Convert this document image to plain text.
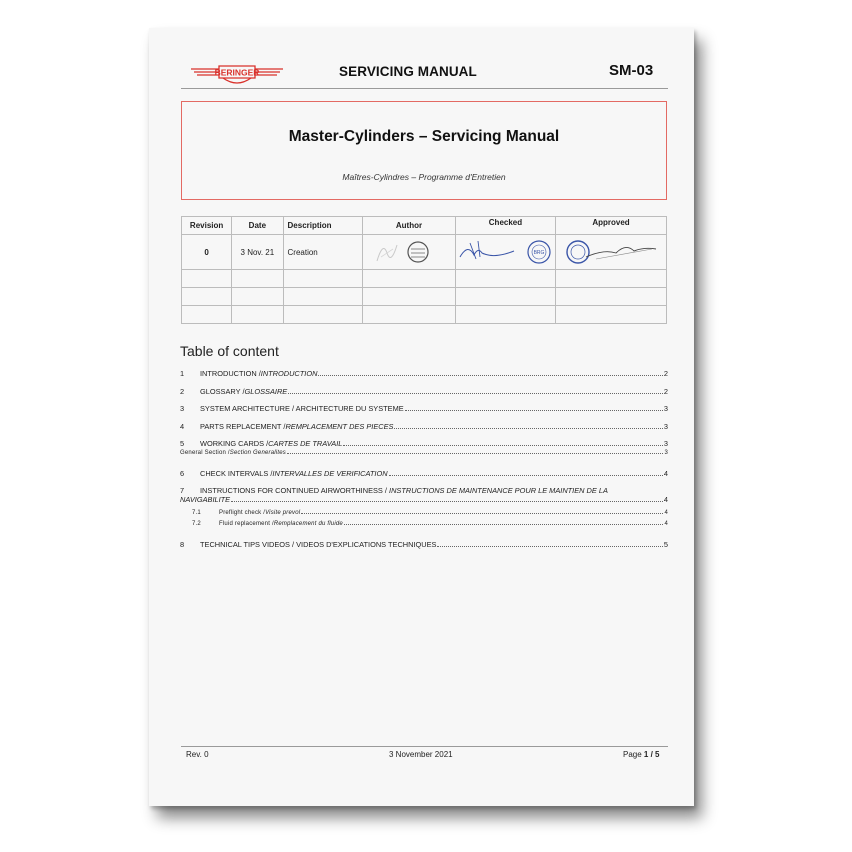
BERINGER	SERVICING MANUAL	SM-03
Master-Cylinders – Servicing Manual
Maîtres-Cylindres – Programme d'Entretien
Revision	Date	Description	Author	Checked	Approved
0	3 Nov. 21	Creation		BRG

Table of content
1	INTRODUCTION / INTRODUCTION	2
2	GLOSSARY / GLOSSAIRE	2
3	SYSTEM ARCHITECTURE / ARCHITECTURE DU SYSTEME	3
4	PARTS REPLACEMENT / REMPLACEMENT DES PIECES	3
5	WORKING CARDS / CARTES DE TRAVAIL	3
General Section / Section Generalites	3
6	CHECK INTERVALS / INTERVALLES DE VERIFICATION	4
7	INSTRUCTIONS FOR CONTINUED AIRWORTHINESS / INSTRUCTIONS DE MAINTENANCE POUR LE MAINTIEN DE LA
NAVIGABILITE	4
7.1	Preflight check / Visite prevol	4
7.2	Fluid replacement / Remplacement du fluide	4
8	TECHNICAL TIPS VIDEOS / VIDEOS D'EXPLICATIONS TECHNIQUES	5
Rev. 0	3 November 2021	Page 1 / 5
